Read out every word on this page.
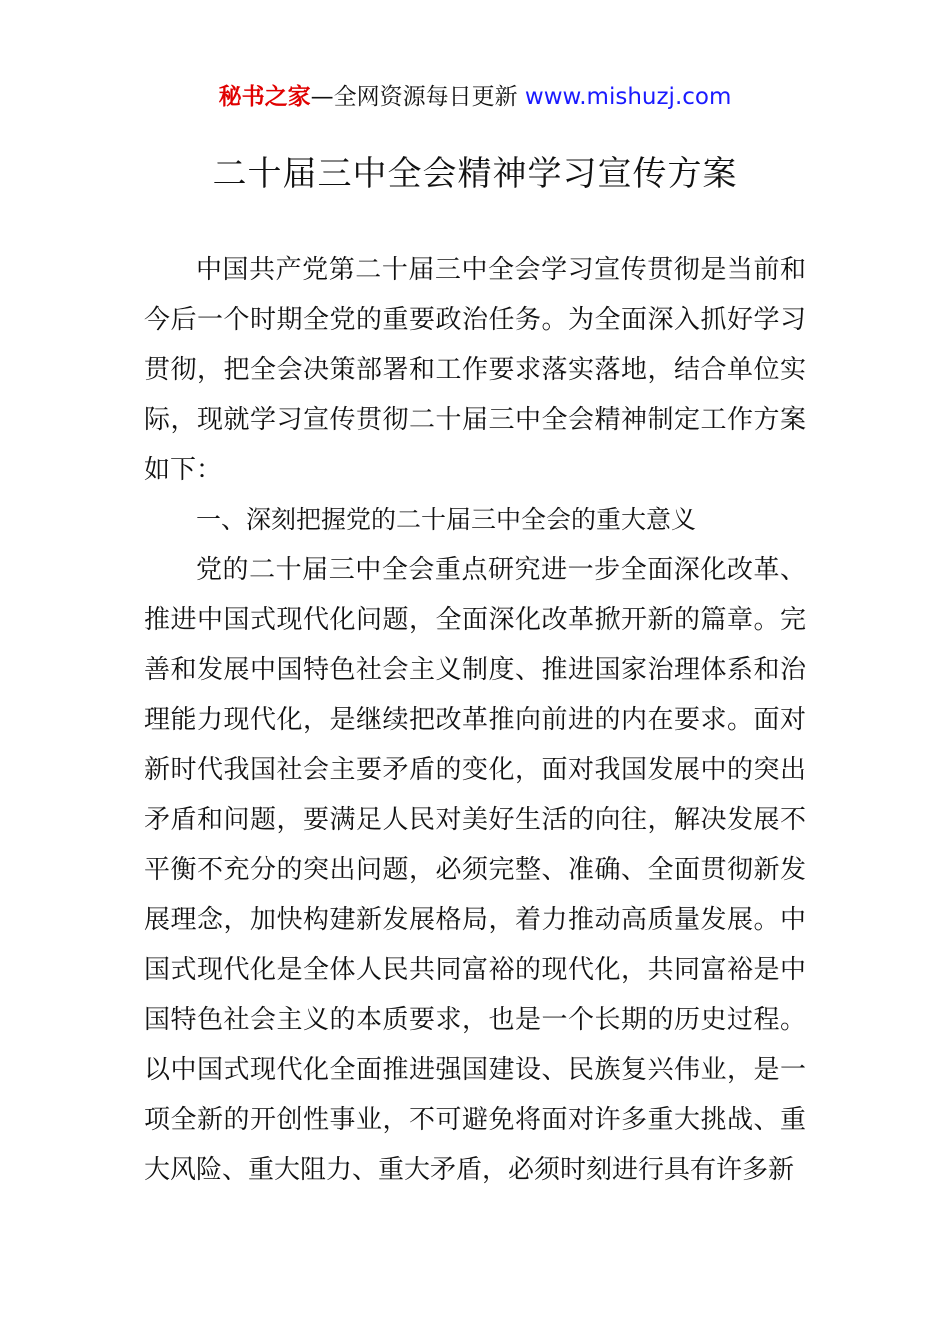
秘书之家—全网资源每日更新 www.mishuzj.com
二十届三中全会精神学习宣传方案

中国共产党第二十届三中全会学习宣传贯彻是当前和今后一个时期全党的重要政治任务。为全面深入抓好学习贯彻，把全会决策部署和工作要求落实落地，结合单位实际，现就学习宣传贯彻二十届三中全会精神制定工作方案如下：

一、深刻把握党的二十届三中全会的重大意义

党的二十届三中全会重点研究进一步全面深化改革、推进中国式现代化问题，全面深化改革掀开新的篇章。完善和发展中国特色社会主义制度、推进国家治理体系和治理能力现代化，是继续把改革推向前进的内在要求。面对新时代我国社会主要矛盾的变化，面对我国发展中的突出矛盾和问题，要满足人民对美好生活的向往，解决发展不平衡不充分的突出问题，必须完整、准确、全面贯彻新发展理念，加快构建新发展格局，着力推动高质量发展。中国式现代化是全体人民共同富裕的现代化，共同富裕是中国特色社会主义的本质要求，也是一个长期的历史过程。以中国式现代化全面推进强国建设、民族复兴伟业，是一项全新的开创性事业，不可避免将面对许多重大挑战、重大风险、重大阻力、重大矛盾，必须时刻进行具有许多新
